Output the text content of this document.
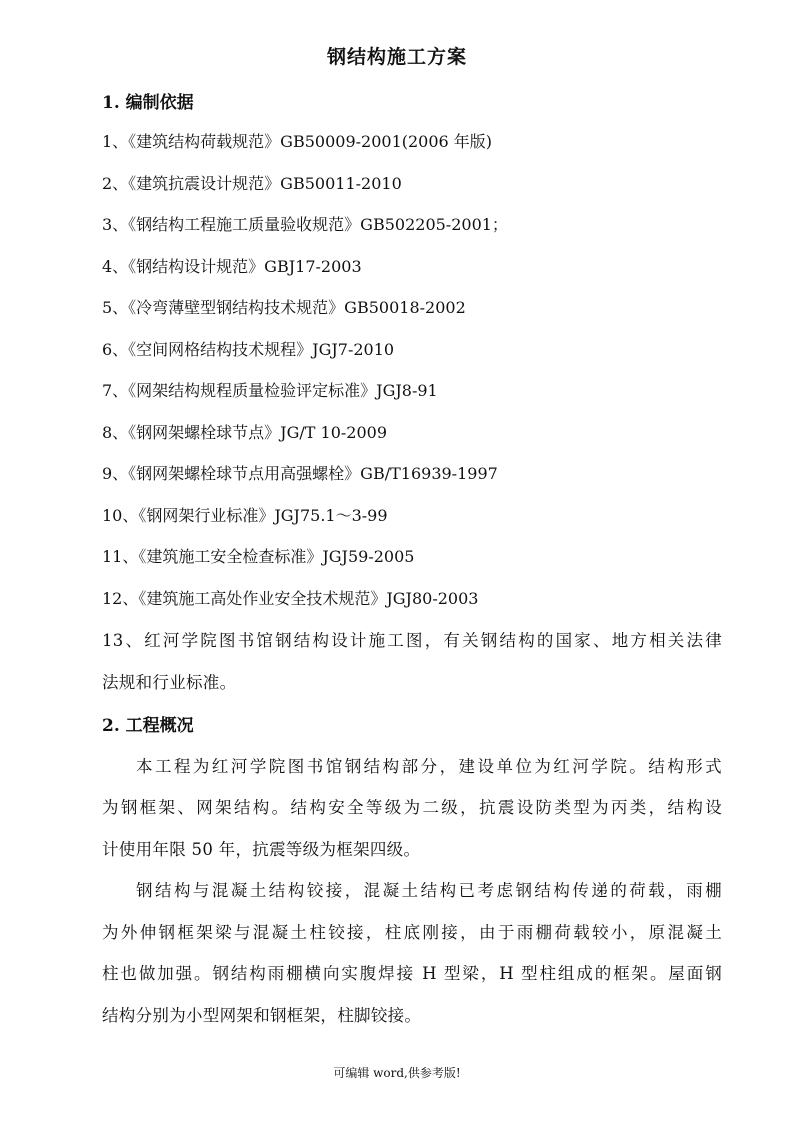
钢结构施工方案
1. 编制依据
1、《建筑结构荷载规范》GB50009-2001(2006 年版)
2、《建筑抗震设计规范》GB50011-2010
3、《钢结构工程施工质量验收规范》GB502205-2001；
4、《钢结构设计规范》GBJ17-2003
5、《冷弯薄壁型钢结构技术规范》GB50018-2002
6、《空间网格结构技术规程》JGJ7-2010
7、《网架结构规程质量检验评定标准》JGJ8-91
8、《钢网架螺栓球节点》JG/T 10-2009
9、《钢网架螺栓球节点用高强螺栓》GB/T16939-1997
10、《钢网架行业标准》JGJ75.1～3-99
11、《建筑施工安全检查标准》JGJ59-2005
12、《建筑施工高处作业安全技术规范》JGJ80-2003
13、红河学院图书馆钢结构设计施工图，有关钢结构的国家、地方相关法律
法规和行业标准。
2. 工程概况
本工程为红河学院图书馆钢结构部分，建设单位为红河学院。结构形式
为钢框架、网架结构。结构安全等级为二级，抗震设防类型为丙类，结构设
计使用年限 50 年，抗震等级为框架四级。
钢结构与混凝土结构铰接，混凝土结构已考虑钢结构传递的荷载，雨棚
为外伸钢框架梁与混凝土柱铰接，柱底刚接，由于雨棚荷载较小，原混凝土
柱也做加强。钢结构雨棚横向实腹焊接 H 型梁，H 型柱组成的框架。屋面钢
结构分别为小型网架和钢框架，柱脚铰接。
可编辑 word,供参考版!
